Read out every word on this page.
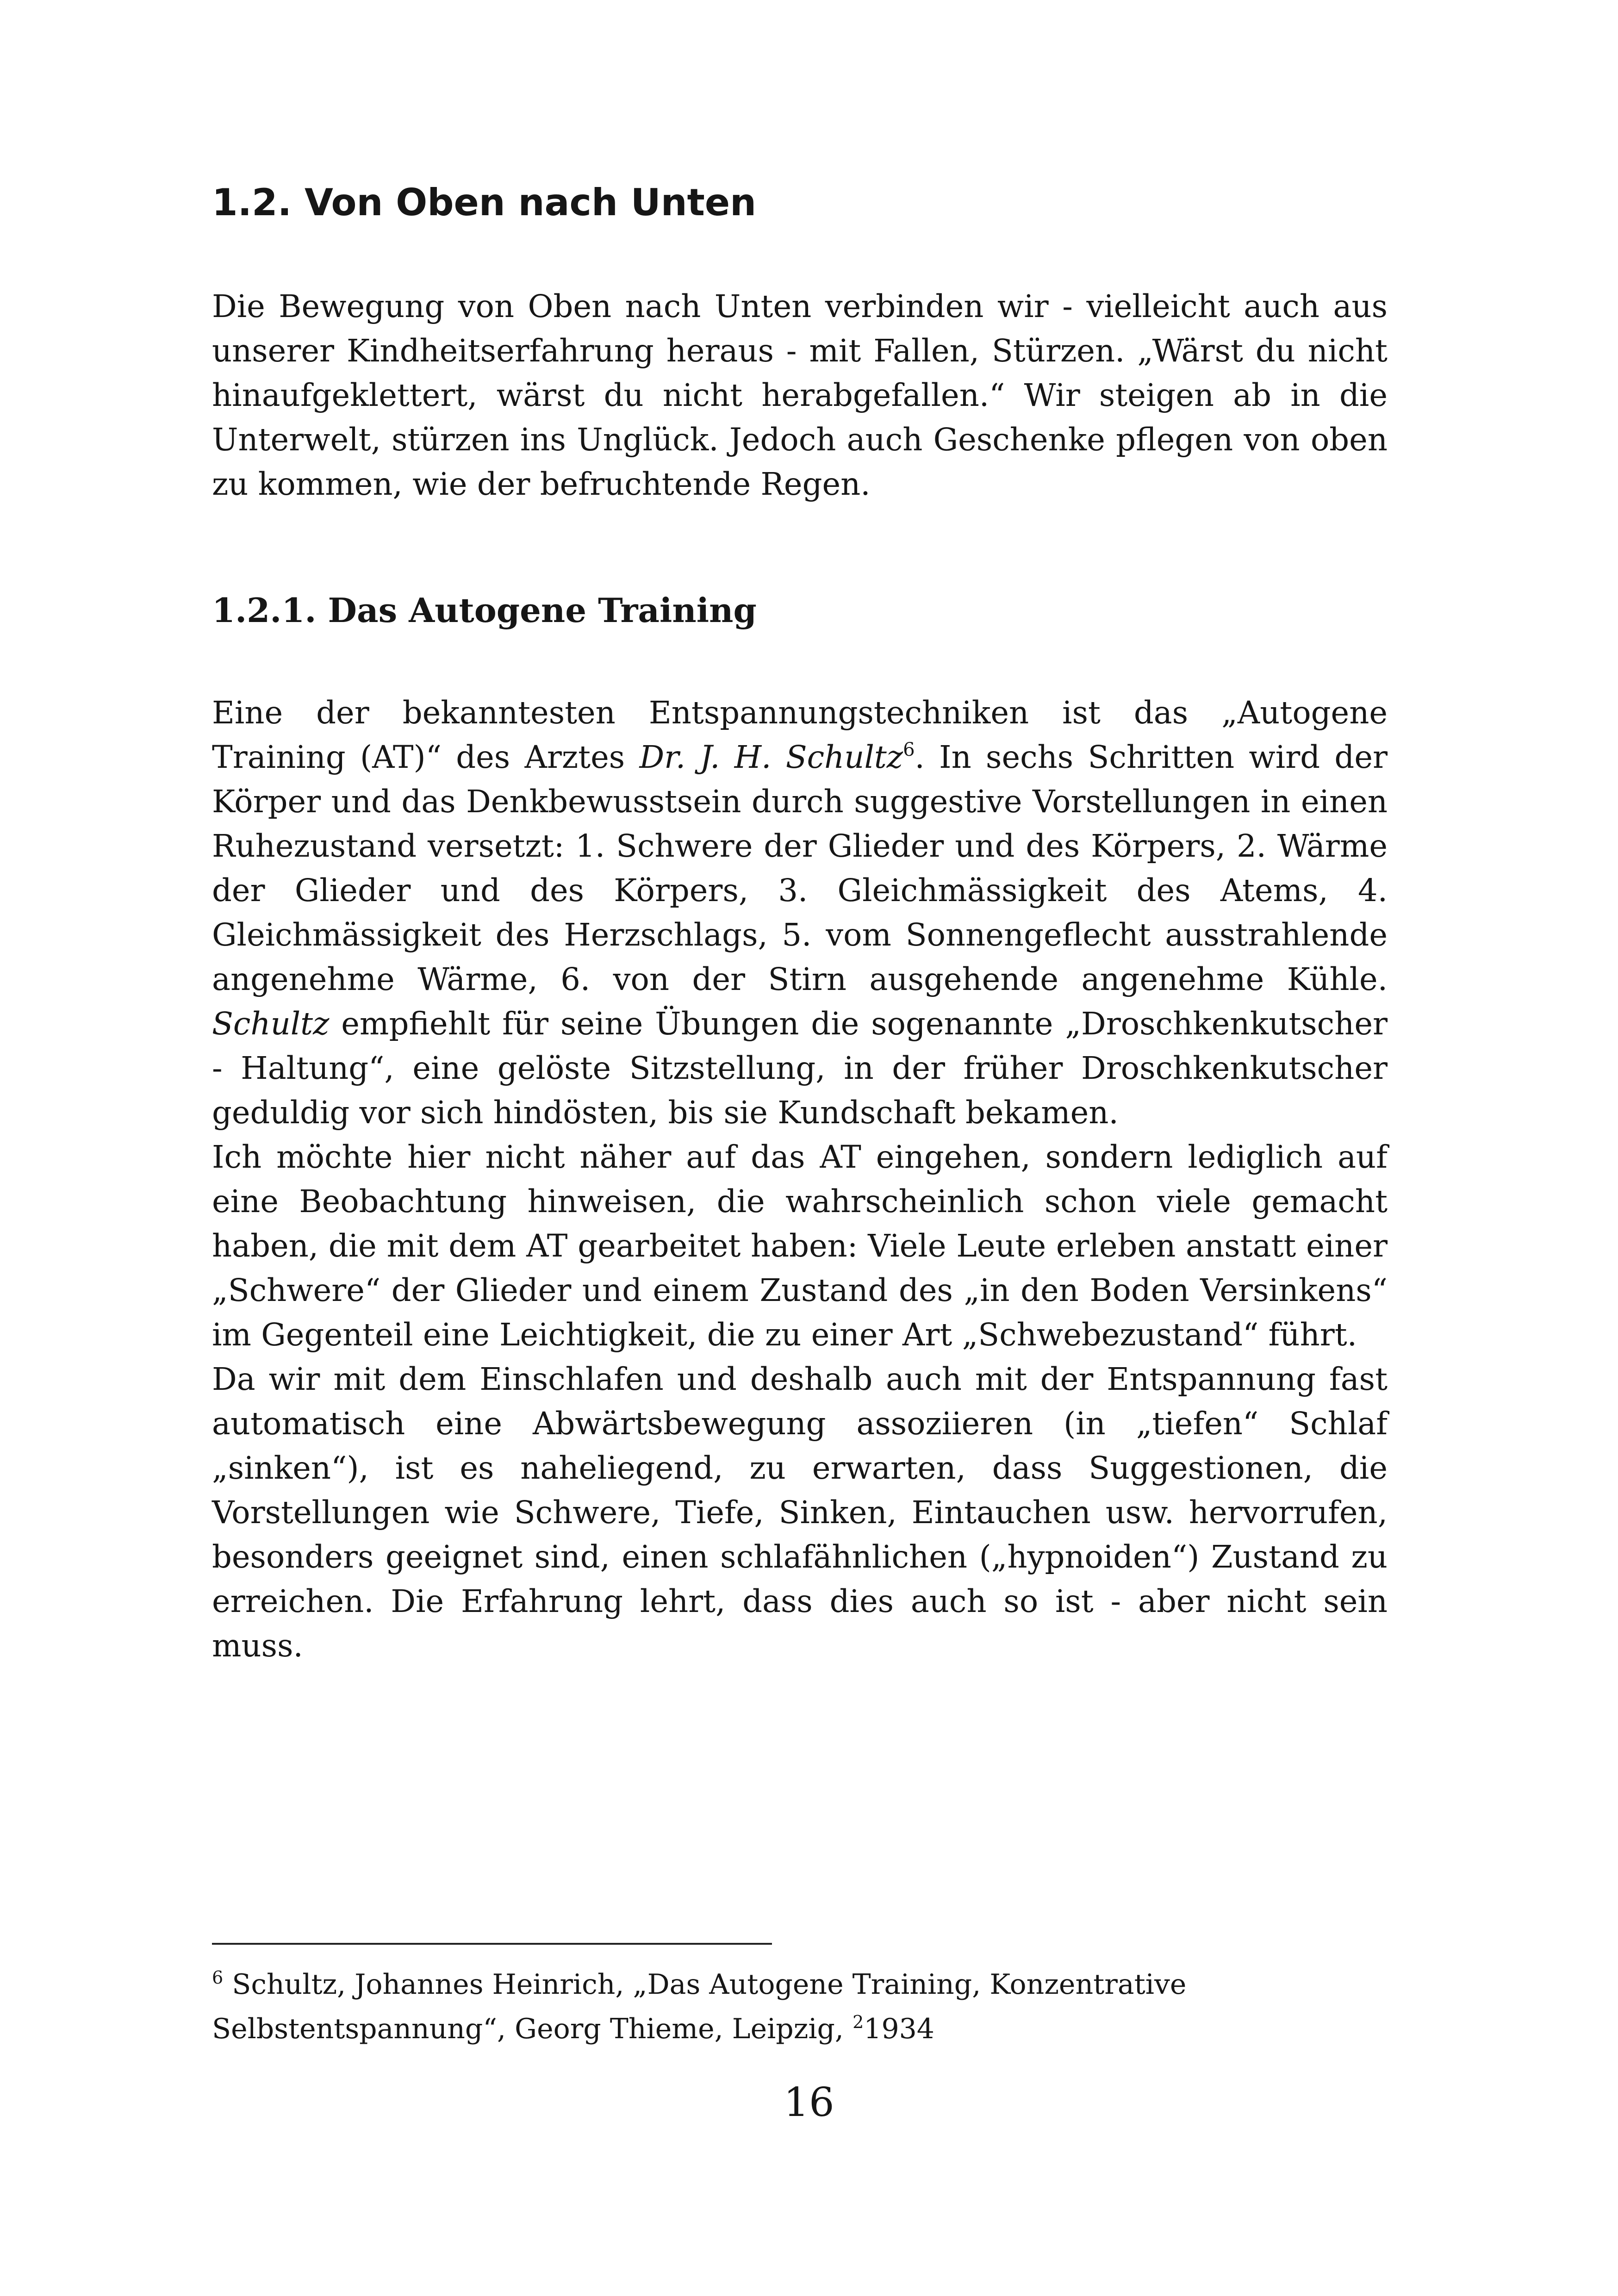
1.2. Von Oben nach Unten

Die Bewegung von Oben nach Unten verbinden wir - vielleicht auch aus unserer Kindheitserfahrung heraus - mit Fallen, Stürzen. „Wärst du nicht hinaufgeklettert, wärst du nicht herabgefallen.“ Wir steigen ab in die Unterwelt, stürzen ins Unglück. Jedoch auch Geschenke pflegen von oben zu kommen, wie der befruchtende Regen.

1.2.1. Das Autogene Training

Eine der bekanntesten Entspannungstechniken ist das „Autogene Training (AT)“ des Arztes Dr. J. H. Schultz$^6$. In sechs Schritten wird der Körper und das Denkbewusstsein durch suggestive Vorstellungen in einen Ruhezustand versetzt: 1. Schwere der Glieder und des Körpers, 2. Wärme der Glieder und des Körpers, 3. Gleichmässigkeit des Atems, 4. Gleichmässigkeit des Herzschlags, 5. vom Sonnengeflecht ausstrahlende angenehme Wärme, 6. von der Stirn ausgehende angenehme Kühle. Schultz empfiehlt für seine Übungen die sogenannte „Droschkenkutscher - Haltung“, eine gelöste Sitzstellung, in der früher Droschkenkutscher geduldig vor sich hindösten, bis sie Kundschaft bekamen.

Ich möchte hier nicht näher auf das AT eingehen, sondern lediglich auf eine Beobachtung hinweisen, die wahrscheinlich schon viele gemacht haben, die mit dem AT gearbeitet haben: Viele Leute erleben anstatt einer „Schwere“ der Glieder und einem Zustand des „in den Boden Versinkens“ im Gegenteil eine Leichtigkeit, die zu einer Art „Schwebezustand“ führt.

Da wir mit dem Einschlafen und deshalb auch mit der Entspannung fast automatisch eine Abwärtsbewegung assoziieren (in „tiefen“ Schlaf „sinken“), ist es naheliegend, zu erwarten, dass Suggestionen, die Vorstellungen wie Schwere, Tiefe, Sinken, Eintauchen usw. hervorrufen, besonders geeignet sind, einen schlafähnlichen („hypnoiden“) Zustand zu erreichen. Die Erfahrung lehrt, dass dies auch so ist - aber nicht sein muss.

$^6$ Schultz, Johannes Heinrich, „Das Autogene Training, Konzentrative Selbstentspannung“, Georg Thieme, Leipzig, $^2$1934
16
